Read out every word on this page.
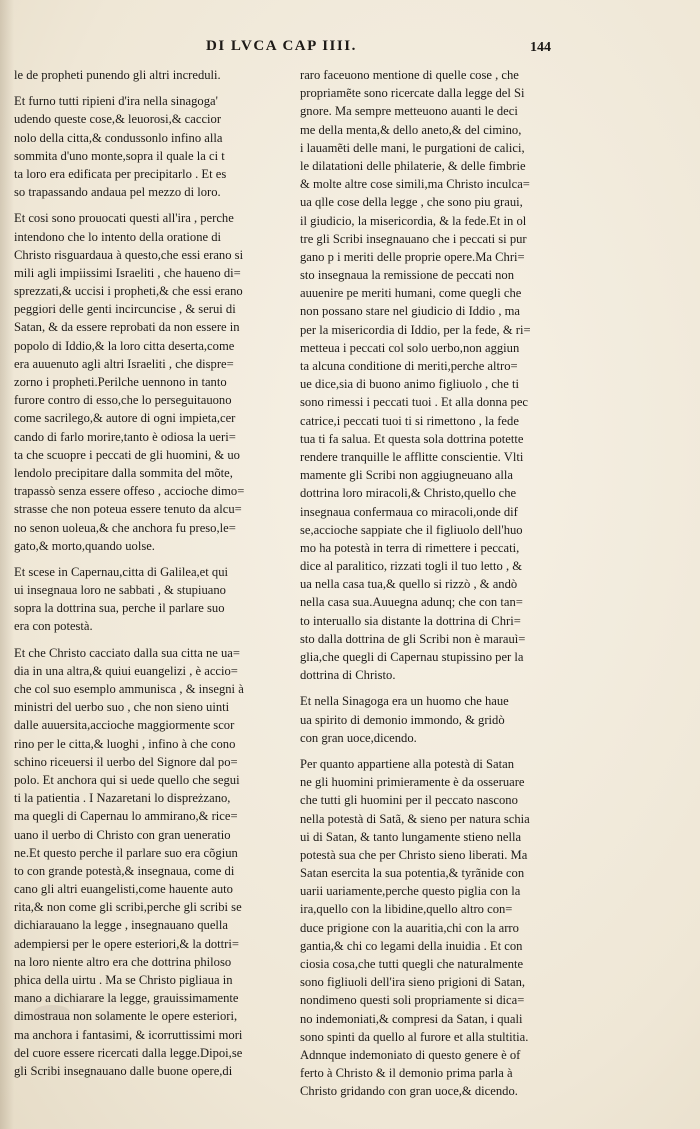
DI LVCA CAP IIII.	144
le de propheti punendo gli altri increduli.
Et furno tutti ripieni d'ira nella sinagoga'
udendo queste cose,& leuorosi,& caccior
nolo della citta,& condussonlo infino alla
sommita d'uno monte,sopra il quale la ci t
ta loro era edificata per precipitarlo . Et es
so trapassando andaua pel mezzo di loro.
Et cosi sono prouocati questi all'ira , perche
intendono che lo intento della oratione di
Christo risguardaua à questo,che essi erano si
mili agli impiissimi Israeliti , che haueno di=
sprezzati,& uccisi i propheti,& che essi erano
peggiori delle genti incircuncise , & serui di
Satan, & da essere reprobati da non essere in
popolo di Iddio,& la loro citta deserta,come
era auuenuto agli altri Israeliti , che dispre=
zorno i propheti.Perilche uennono in tanto
furore contro di esso,che lo perseguitauono
come sacrilego,& autore di ogni impieta,cer
cando di farlo morire,tanto è odiosa la ueri=
ta che scuopre i peccati de gli huomini, & uo
lendolo precipitare dalla sommita del mõte,
trapassò senza essere offeso , accioche dimo=
strasse che non poteua essere tenuto da alcu=
no senon uoleua,& che anchora fu preso,le=
gato,& morto,quando uolse.
Et scese in Capernau,citta di Galilea,et qui
ui insegnaua loro ne sabbati , & stupiuano
sopra la dottrina sua, perche il parlare suo
era con potestà.
Et che Christo cacciato dalla sua citta ne ua=
dia in una altra,& quiui euangelizi , è accio=
che col suo esemplo ammunisca , & insegni à
ministri del uerbo suo , che non sieno uinti
dalle auuersita,accioche maggiormente scor
rino per le citta,& luoghi , infino à che cono
schino riceuersi il uerbo del Signore dal po=
polo. Et anchora qui si uede quello che segui
ti la patientia . I Nazaretani lo dispreżzano,
ma quegli di Capernau lo ammirano,& rice=
uano il uerbo di Christo con gran ueneratio
ne.Et questo perche il parlare suo era cõgiun
to con grande potestà,& insegnaua, come di
cano gli altri euangelisti,come hauente auto
rita,& non come gli scribi,perche gli scribi se
dichiarauano la legge , insegnauano quella
adempiersi per le opere esteriori,& la dottri=
na loro niente altro era che dottrina philoso
phica della uirtu . Ma se Christo pigliaua in
mano a dichiarare la legge, grauissimamente
dimostraua non solamente le opere esteriori,
ma anchora i fantasimi, & icorruttissimi mori
del cuore essere ricercati dalla legge.Dipoi,se
gli Scribi insegnauano dalle buone opere,di
raro faceuono mentione di quelle cose , che
propriamẽte sono ricercate dalla legge del Si
gnore. Ma sempre metteuono auanti le deci
me della menta,& dello aneto,& del cimino,
i lauamẽti delle mani, le purgationi de calici,
le dilatationi delle philaterie, & delle fimbrie
& molte altre cose simili,ma Christo inculca=
ua qlle cose della legge , che sono piu graui,
il giudicio, la misericordia, & la fede.Et in ol
tre gli Scribi insegnauano che i peccati si pur
gano p i meriti delle proprie opere.Ma Chri=
sto insegnaua la remissione de peccati non
auuenire pe meriti humani, come quegli che
non possano stare nel giudicio di Iddio , ma
per la misericordia di Iddio, per la fede, & ri=
metteua i peccati col solo uerbo,non aggiun
ta alcuna conditione di meriti,perche altro=
ue dice,sia di buono animo figliuolo , che ti
sono rimessi i peccati tuoi . Et alla donna pec
catrice,i peccati tuoi ti si rimettono , la fede
tua ti fa salua. Et questa sola dottrina potette
rendere tranquille le afflitte conscientie. Vlti
mamente gli Scribi non aggiugneuano alla
dottrina loro miracoli,& Christo,quello che
insegnaua confermaua co miracoli,onde dif
se,accioche sappiate che il figliuolo dell'huo
mo ha potestà in terra di rimettere i peccati,
dice al paralitico, rizzati togli il tuo letto , &
ua nella casa tua,& quello si rizzò , & andò
nella casa sua.Auuegna adunq; che con tan=
to interuallo sia distante la dottrina di Chri=
sto dalla dottrina de gli Scribi non è marauì=
glia,che quegli di Capernau stupissino per la
dottrina di Christo.
Et nella Sinagoga era un huomo che haue
ua spirito di demonio immondo, & gridò
con gran uoce,dicendo.
Per quanto appartiene alla potestà di Satan
ne gli huomini primieramente è da osseruare
che tutti gli huomini per il peccato nascono
nella potestà di Satã, & sieno per natura schia
ui di Satan, & tanto lungamente stieno nella
potestà sua che per Christo sieno liberati. Ma
Satan esercita la sua potentia,& tyrãnide con
uarii uariamente,perche questo piglia con la
ira,quello con la libidine,quello altro con=
duce prigione con la auaritia,chi con la arro
gantia,& chi co legami della inuidia . Et con
ciosia cosa,che tutti quegli che naturalmente
sono figliuoli dell'ira sieno prigioni di Satan,
nondimeno questi soli propriamente si dica=
no indemoniati,& compresi da Satan, i quali
sono spinti da quello al furore et alla stultitia.
Adnnque indemoniato di questo genere è of
ferto à Christo & il demonio prima parla à
Christo gridando con gran uoce,& dicendo.
